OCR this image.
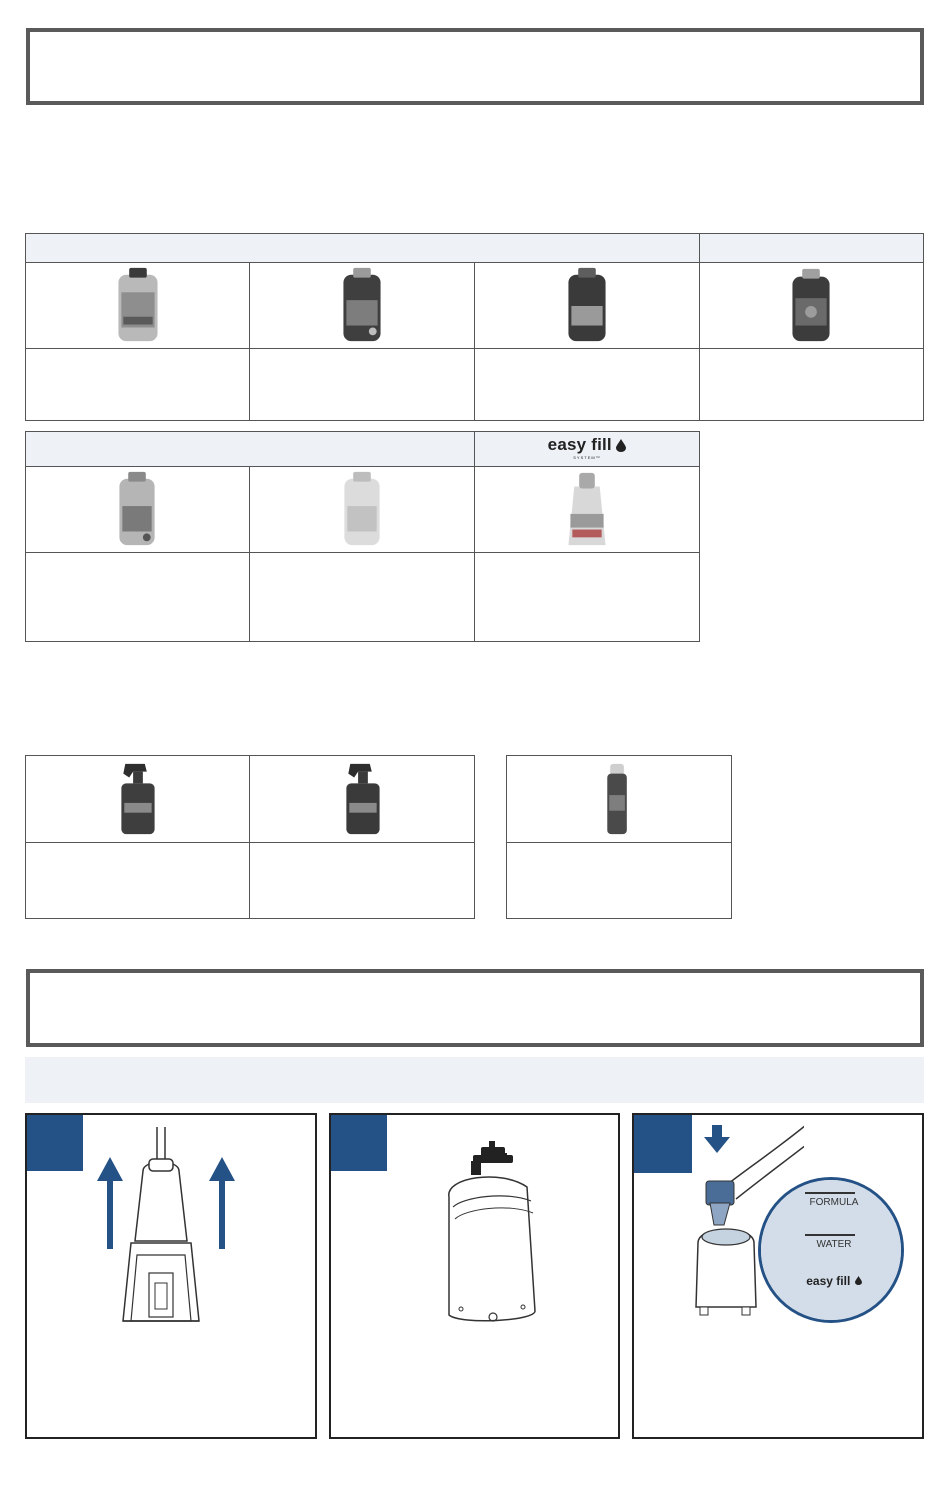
easy fill
SYSTEM™
FORMULA
WATER
easy fill
